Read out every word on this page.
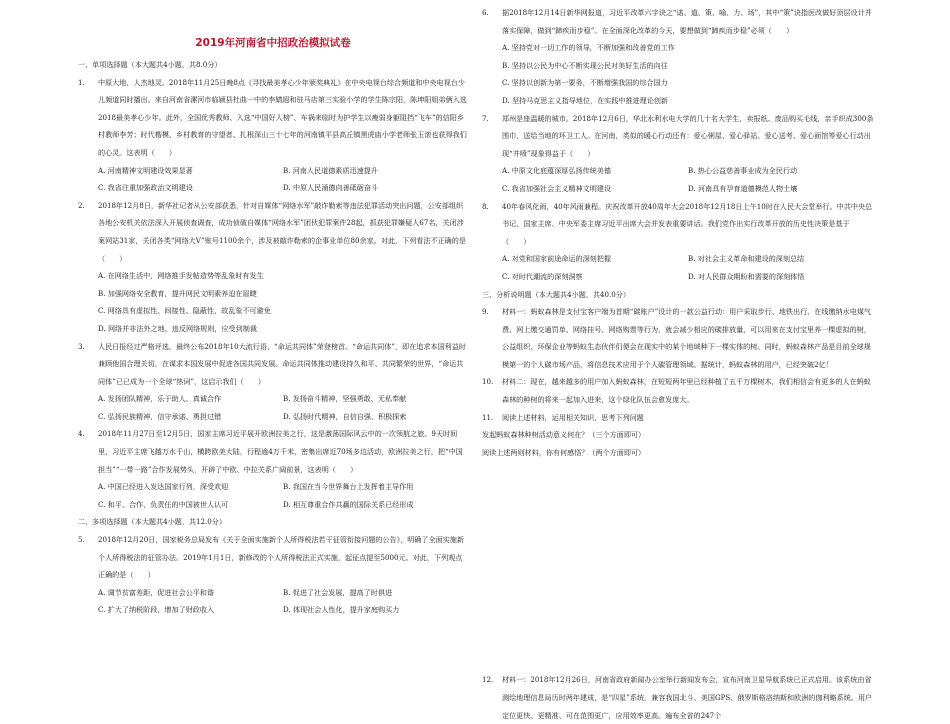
2019年河南省中招政治模拟试卷
一、单项选择题（本大题共4小题，共8.0分）
1. 中原大地，人杰地灵。2018年11月25日晚8点《寻找最美孝心少年颁奖典礼》在中央电视台综合频道和中央电视台少儿频道同时播出。来自河南省漯河市临颍县杜曲一中的李婧遐和驻马店第三实验小学的学生陈宗阳，陈坤阳姐弟俩入选2018最美孝心少年。此外，全国优秀教师、入选“中国好人榜”、车祸来临时为护学生以瘦弱身躯阻挡“飞车”的信阳乡村教师李芳；时代楷模、乡村教育的守望者、扎根深山三十七年的河南镇平县高丘镇黑虎庙小学老师张玉滚也获得我们的心灵。这表明（　　）
A. 河南精神文明建设效果显著	B. 河南人民道德素质迅速提升
C. 我省注重加强政治文明建设	D. 中原人民涌德向善砥砺奋斗
2. 2018年12月8日，新华社记者从公安部获悉，针对自媒体“网络水军”敲诈勒索等违法犯罪活动突出问题，公安部组织各地公安机关依法深入开展侦查调查，成功侦破自媒体“网络水军”团伙犯罪案件28起，抓获犯罪嫌疑人67名，关闭涉案网站31家，关闭各类“网络大V”账号1100余个，涉及被敲诈勒索的企事业单位80余家。对此，下列看法不正确的是（　　）
A. 在网络生活中，网络推手发帖造势等乱象时有发生
B. 加强网络安全教育，提升网民文明素养迫在眉睫
C. 网络具有虚拟性、间接性、隐蔽性，故乱象不可避免
D. 网络并非法外之地，违反网络规则，应受到制裁
3. 人民日报经过严格评选，最终公布2018年10大流行语，“命运共同体”荣登榜首。“命运共同体”，即在追求本国利益时兼顾他国合理关切，在谋求本国发展中促进各国共同发展。命运共同体推动建设持久和平、共同繁荣的世界，“命运共同体”已已成为一个全球“热词”，这启示我们（　　）
A. 发扬团队精神，乐于助人、真诚合作	B. 发扬奋斗精神，坚强勇敢、无私奉献
C. 弘扬民族精神，信守承诺、勇担过错	D. 弘扬时代精神，自信自强、积极探索
4. 2018年11月27日至12月5日，国家主席习近平展开欧洲拉美之行，这是激荡国际风云中的一次领航之旅。9天时间里，习近平主席飞越万水千山，横跨欧美大陆，行程逾4万千米，密集出席近70场多边活动，欧洲拉美之行，把“中国担当”“一带一路”合作发展势头，开辟了中欧、中拉关系广阔前景，这表明（　　）
A. 中国已经进入发达国家行列，深受欢迎	B. 我国在当今世界舞台上发挥着主导作用
C. 和平、合作、负责任的中国被世人认可	D. 相互尊重合作共赢的国际关系已经形成
二、多项选择题（本大题共4小题，共12.0分）
5. 2018年12月20日，国家税务总局发布《关于全面实施新个人所得税法若干征管衔接问题的公告》，明确了全面实施新个人所得税法的征管办法。2019年1月1日，新修改的个人所得税法正式实施，起征点提至5000元。对此，下列观点正确的是（　　）
A. 调节贫富差距，促进社会公平和谐	B. 促进了社会发展，提高了时俱进
C. 扩大了纳税阶段，增加了财政收入	D. 体现社会人性化，提升家庭购买力
6. 据2018年12月14日新华网报道，习近平改革六字诀之“诺、道、策、喻、力、场”，其中“策”诀指医改做好顶层设计并落实保障，做到“蹄疾而步稳”。在全面深化改革的今天，要想做到“蹄疾而步稳”必须（　　）
A. 坚持党对一切工作的领导，不断加强和改善党的工作
B. 坚持以公民为中心不断实现公民对美好生活的向往
C. 坚持以创新为第一要务，不断增强我国的综合国力
D. 坚持马克思主义指导地位，在实践中推进理论创新
7. 郑州是座温暖的城市。2018年12月6日，华北水利水电大学的几十名大学生，卖报纸、废品购买毛线，亲手织成300条围巾，送给当地的环卫工人。在河南，类似的暖心行动还有：爱心粥屋、爱心驿站、爱心送考、爱心面馆等爱心行动出现“井喷”现象得益于（　　）
A. 中原文化底蕴深厚弘扬传统美德	B. 热心公益慈善事业成为全民行动
C. 我省加强社会主义精神文明建设	D. 河南具有孕育道德模范人物土壤
8. 40年春风化雨，40年风雨兼程。庆祝改革开放40周年大会2018年12月18日上午10时在人民大会堂举行。中共中央总书记、国家主席、中央军委主席习近平出席大会并发表重要讲话。我们党作出实行改革开放的历史性决策是基于（　　）
A. 对党和国家前途命运的深刻把握	B. 对社会主义革命和建设的深刻总结
C. 对时代潮流的深刻洞察	D. 对人民群众期盼和需要的深刻体悟
三、分析说明题（本大题共4小题，共40.0分）
9. 材料一：蚂蚁森林是支付宝客户端为首期“碳账户”设计的一款公益行动：用户采取步行、地铁出行、在线缴纳水电煤气费、网上缴交通罚单、网络挂号、网络购票等行为，就会减少相应的碳排放量，可以用来在支付宝里养一棵虚拟的树，公益组织、环保企业等蚂蚁生态伙伴们便会在现实中的某个地域种下一棵实体的树。同时，蚂蚁森林产品是目前全球规模第一的个人碳市场产品，将信息技术应用于个人碳管理领域。据统计，蚂蚁森林的用户，已经突破2亿！
10. 材料二：现在，越来越多的用户加入蚂蚁森林，在短短两年里已经种植了五千万棵树木，我们相信会有更多的人在蚂蚁森林的种树的将来一起加入进来，这个绿化队伍会愈发庞大。
11. 阅读上述材料，运用相关知识，思考下列问题
发起蚂蚁森林种树活动意义何在？（三个方面即可）
阅读上述两则材料，你有何感悟？（两个方面即可）
12. 材料一：2018年12月26日，河南省政府新闻办公室举行新闻发布会，宣布河南卫星导航系统已正式启用。该系统由省测绘地理信息局历时两年建成，是“四星”系统，兼容我国北斗、美国GPS、俄罗斯格洛纳斯和欧洲的伽利略系统。用户定位更快、更精准、可在范围更广，应用效率更高。遍布全省的247个
